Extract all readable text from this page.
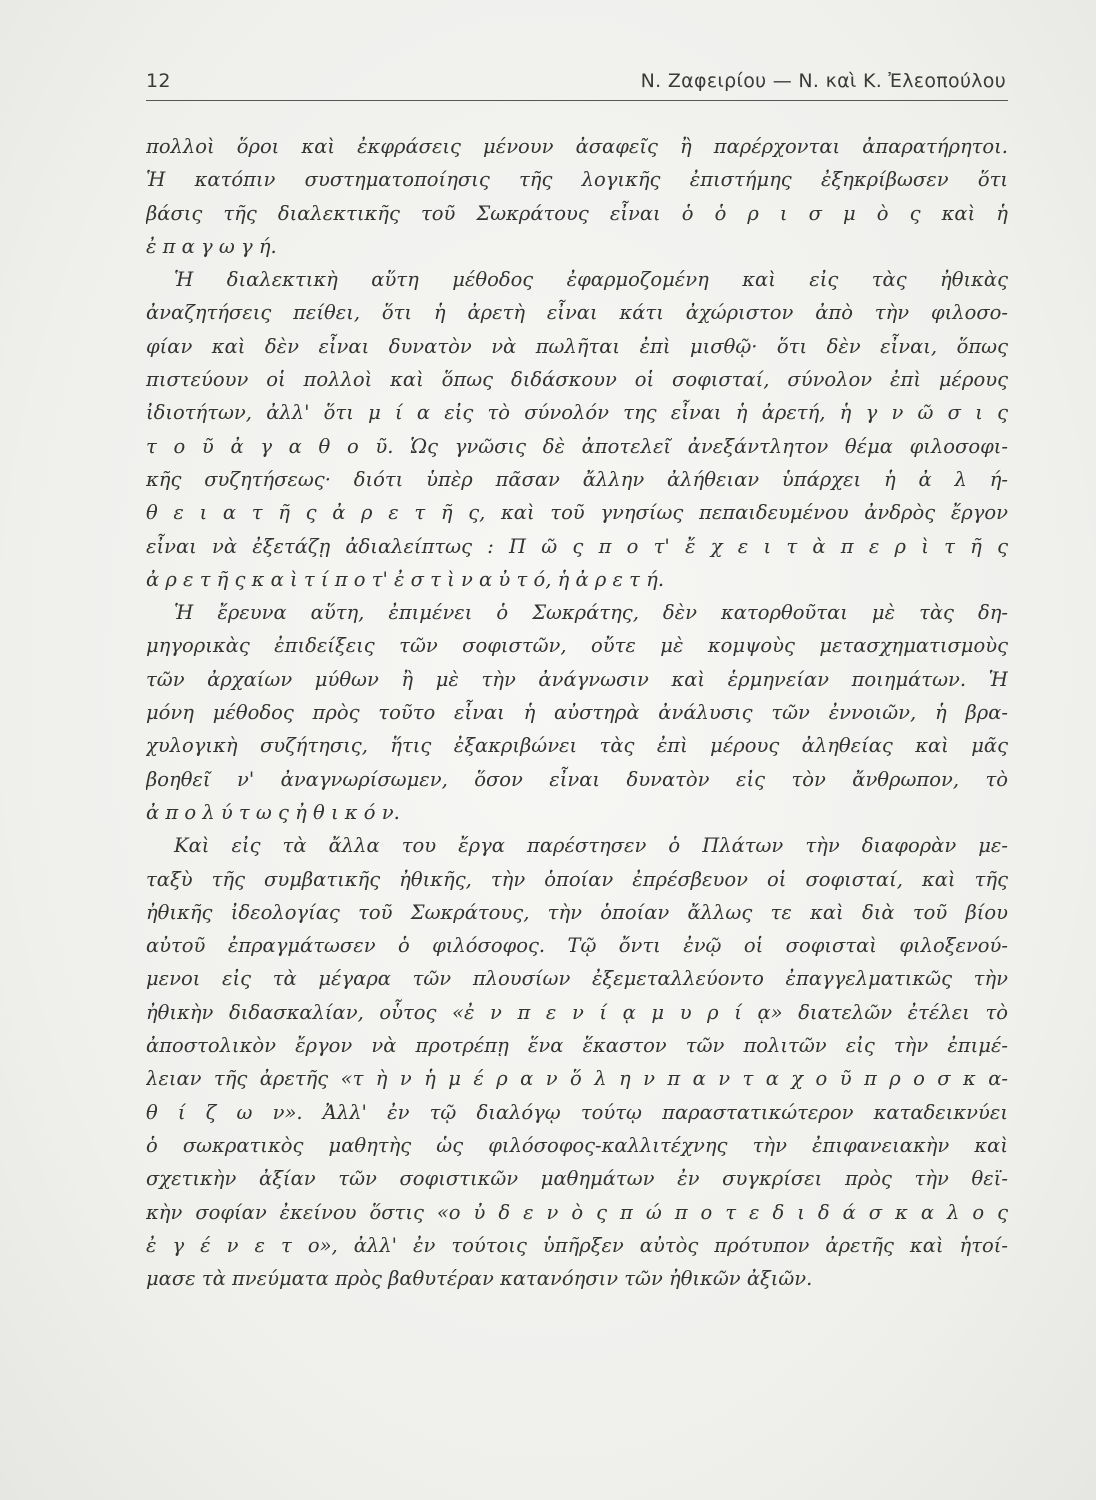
12	Ν. Ζαφειρίου — Ν. καὶ Κ. Ἐλεοπούλου
πολλοὶ ὅροι καὶ ἐκφράσεις μένουν ἀσαφεῖς ἢ παρέρχονται ἀπαρατήρητοι.
Ἡ κατόπιν συστηματοποίησις τῆς λογικῆς ἐπιστήμης ἐξηκρίβωσεν ὅτι
βάσις τῆς διαλεκτικῆς τοῦ Σωκράτους εἶναι ὁ ὁ ρ ι σ μ ὸ ς καὶ ἡ
ἐ π α γ ω γ ή.
Ἡ διαλεκτικὴ αὕτη μέθοδος ἐφαρμοζομένη καὶ εἰς τὰς ἠθικὰς
ἀναζητήσεις πείθει, ὅτι ἡ ἀρετὴ εἶναι κάτι ἀχώριστον ἀπὸ τὴν φιλοσο-
φίαν καὶ δὲν εἶναι δυνατὸν νὰ πωλῆται ἐπὶ μισθῷ· ὅτι δὲν εἶναι, ὅπως
πιστεύουν οἱ πολλοὶ καὶ ὅπως διδάσκουν οἱ σοφισταί, σύνολον ἐπὶ μέρους
ἰδιοτήτων, ἀλλ' ὅτι μ ί α εἰς τὸ σύνολόν της εἶναι ἡ ἀρετή, ἡ γ ν ῶ σ ι ς
τ ο ῦ ἀ γ α θ ο ῦ. Ὡς γνῶσις δὲ ἀποτελεῖ ἀνεξάντλητον θέμα φιλοσοφι-
κῆς συζητήσεως· διότι ὑπὲρ πᾶσαν ἄλλην ἀλήθειαν ὑπάρχει ἡ ἀ λ ή-
θ ε ι α τ ῆ ς ἀ ρ ε τ ῆ ς, καὶ τοῦ γνησίως πεπαιδευμένου ἀνδρὸς ἔργον
εἶναι νὰ ἐξετάζῃ ἀδιαλείπτως : Π ῶ ς π ο τ' ἔ χ ε ι τ ὰ π ε ρ ὶ τ ῆ ς
ἀ ρ ε τ ῆ ς κ α ὶ τ ί π ο τ' ἐ σ τ ὶ ν α ὐ τ ό, ἡ ἀ ρ ε τ ή.
Ἡ ἔρευνα αὕτη, ἐπιμένει ὁ Σωκράτης, δὲν κατορθοῦται μὲ τὰς δη-
μηγορικὰς ἐπιδείξεις τῶν σοφιστῶν, οὔτε μὲ κομψοὺς μετασχηματισμοὺς
τῶν ἀρχαίων μύθων ἢ μὲ τὴν ἀνάγνωσιν καὶ ἑρμηνείαν ποιημάτων. Ἡ
μόνη μέθοδος πρὸς τοῦτο εἶναι ἡ αὐστηρὰ ἀνάλυσις τῶν ἐννοιῶν, ἡ βρα-
χυλογικὴ συζήτησις, ἥτις ἐξακριβώνει τὰς ἐπὶ μέρους ἀληθείας καὶ μᾶς
βοηθεῖ ν' ἀναγνωρίσωμεν, ὅσον εἶναι δυνατὸν εἰς τὸν ἄνθρωπον, τὸ
ἀ π ο λ ύ τ ω ς ἠ θ ι κ ό ν.
Καὶ εἰς τὰ ἄλλα του ἔργα παρέστησεν ὁ Πλάτων τὴν διαφορὰν με-
ταξὺ τῆς συμβατικῆς ἠθικῆς, τὴν ὁποίαν ἐπρέσβευον οἱ σοφισταί, καὶ τῆς
ἠθικῆς ἰδεολογίας τοῦ Σωκράτους, τὴν ὁποίαν ἄλλως τε καὶ διὰ τοῦ βίου
αὐτοῦ ἐπραγμάτωσεν ὁ φιλόσοφος. Τῷ ὄντι ἐνῷ οἱ σοφισταὶ φιλοξενού-
μενοι εἰς τὰ μέγαρα τῶν πλουσίων ἐξεμεταλλεύοντο ἐπαγγελματικῶς τὴν
ἠθικὴν διδασκαλίαν, οὗτος «ἐ ν π ε ν ί ᾳ μ υ ρ ί ᾳ» διατελῶν ἐτέλει τὸ
ἀποστολικὸν ἔργον νὰ προτρέπῃ ἕνα ἕκαστον τῶν πολιτῶν εἰς τὴν ἐπιμέ-
λειαν τῆς ἀρετῆς «τ ὴ ν ἡ μ έ ρ α ν ὅ λ η ν π α ν τ α χ ο ῦ π ρ ο σ κ α-
θ ί ζ ω ν». Ἀλλ' ἐν τῷ διαλόγῳ τούτῳ παραστατικώτερον καταδεικνύει
ὁ σωκρατικὸς μαθητὴς ὡς φιλόσοφος-καλλιτέχνης τὴν ἐπιφανειακὴν καὶ
σχετικὴν ἀξίαν τῶν σοφιστικῶν μαθημάτων ἐν συγκρίσει πρὸς τὴν θεϊ-
κὴν σοφίαν ἐκείνου ὅστις «ο ὐ δ ε ν ὸ ς π ώ π ο τ ε δ ι δ ά σ κ α λ ο ς
ἐ γ έ ν ε τ ο», ἀλλ' ἐν τούτοις ὑπῆρξεν αὐτὸς πρότυπον ἀρετῆς καὶ ἡτοί-
μασε τὰ πνεύματα πρὸς βαθυτέραν κατανόησιν τῶν ἠθικῶν ἀξιῶν.
